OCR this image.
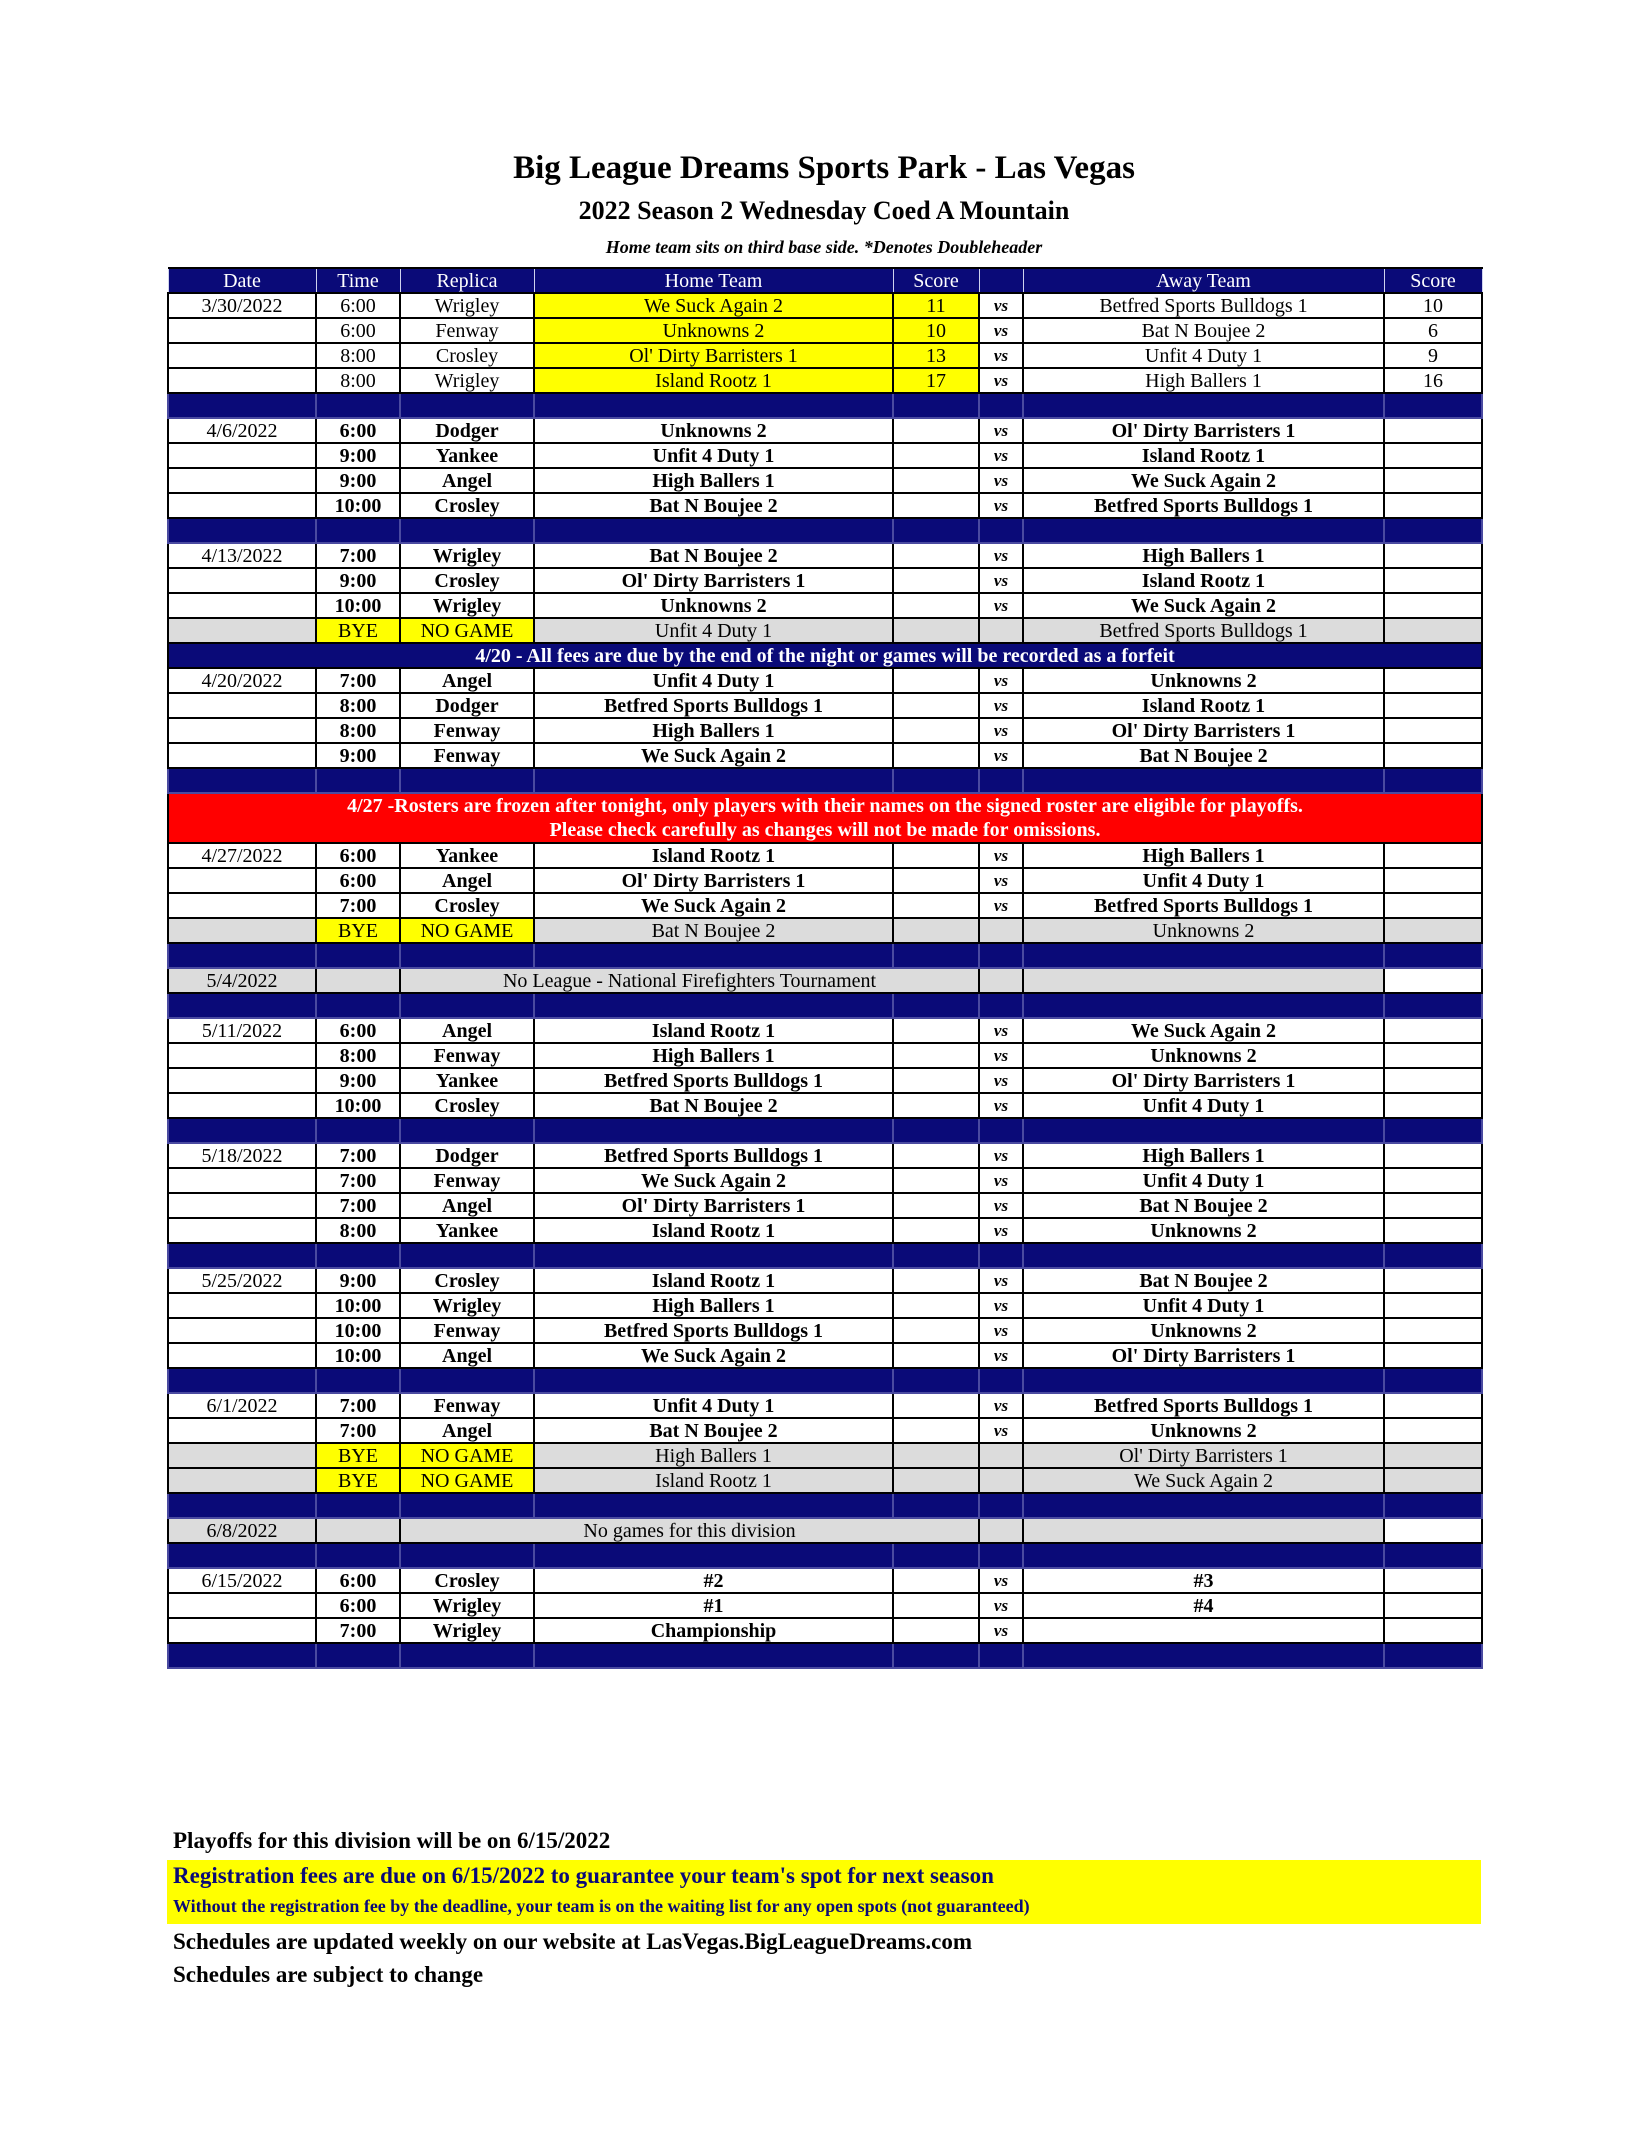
Big League Dreams Sports Park - Las Vegas
2022 Season 2 Wednesday Coed A Mountain
Home team sits on third base side. *Denotes Doubleheader
Date	Time	Replica	Home Team	Score		Away Team	Score
3/30/2022	6:00	Wrigley	We Suck Again 2	11	vs	Betfred Sports Bulldogs 1	10
	6:00	Fenway	Unknowns 2	10	vs	Bat N Boujee 2	6
	8:00	Crosley	Ol' Dirty Barristers 1	13	vs	Unfit 4 Duty 1	9
	8:00	Wrigley	Island Rootz 1	17	vs	High Ballers 1	16

4/6/2022	6:00	Dodger	Unknowns 2		vs	Ol' Dirty Barristers 1	
	9:00	Yankee	Unfit 4 Duty 1		vs	Island Rootz 1	
	9:00	Angel	High Ballers 1		vs	We Suck Again 2	
	10:00	Crosley	Bat N Boujee 2		vs	Betfred Sports Bulldogs 1	

4/13/2022	7:00	Wrigley	Bat N Boujee 2		vs	High Ballers 1	
	9:00	Crosley	Ol' Dirty Barristers 1		vs	Island Rootz 1	
	10:00	Wrigley	Unknowns 2		vs	We Suck Again 2	
	BYE	NO GAME	Unfit 4 Duty 1			Betfred Sports Bulldogs 1	
4/20 - All fees are due by the end of the night or games will be recorded as a forfeit							
4/20/2022	7:00	Angel	Unfit 4 Duty 1		vs	Unknowns 2	
	8:00	Dodger	Betfred Sports Bulldogs 1		vs	Island Rootz 1	
	8:00	Fenway	High Ballers 1		vs	Ol' Dirty Barristers 1	
	9:00	Fenway	We Suck Again 2		vs	Bat N Boujee 2	

4/27 -Rosters are frozen after tonight, only players with their names on the signed roster are eligible for playoffs.
Please check carefully as changes will not be made for omissions.							

4/27/2022	6:00	Yankee	Island Rootz 1		vs	High Ballers 1	
	6:00	Angel	Ol' Dirty Barristers 1		vs	Unfit 4 Duty 1	
	7:00	Crosley	We Suck Again 2		vs	Betfred Sports Bulldogs 1	
	BYE	NO GAME	Bat N Boujee 2			Unknowns 2	

5/4/2022		No League - National Firefighters Tournament					

5/11/2022	6:00	Angel	Island Rootz 1		vs	We Suck Again 2	
	8:00	Fenway	High Ballers 1		vs	Unknowns 2	
	9:00	Yankee	Betfred Sports Bulldogs 1		vs	Ol' Dirty Barristers 1	
	10:00	Crosley	Bat N Boujee 2		vs	Unfit 4 Duty 1	

5/18/2022	7:00	Dodger	Betfred Sports Bulldogs 1		vs	High Ballers 1	
	7:00	Fenway	We Suck Again 2		vs	Unfit 4 Duty 1	
	7:00	Angel	Ol' Dirty Barristers 1		vs	Bat N Boujee 2	
	8:00	Yankee	Island Rootz 1		vs	Unknowns 2	

5/25/2022	9:00	Crosley	Island Rootz 1		vs	Bat N Boujee 2	
	10:00	Wrigley	High Ballers 1		vs	Unfit 4 Duty 1	
	10:00	Fenway	Betfred Sports Bulldogs 1		vs	Unknowns 2	
	10:00	Angel	We Suck Again 2		vs	Ol' Dirty Barristers 1	

6/1/2022	7:00	Fenway	Unfit 4 Duty 1		vs	Betfred Sports Bulldogs 1	
	7:00	Angel	Bat N Boujee 2		vs	Unknowns 2	
	BYE	NO GAME	High Ballers 1			Ol' Dirty Barristers 1	
	BYE	NO GAME	Island Rootz 1			We Suck Again 2	

6/8/2022		No games for this division					

6/15/2022	6:00	Crosley	#2		vs	#3	
	6:00	Wrigley	#1		vs	#4	
	7:00	Wrigley	Championship		vs		

Playoffs for this division will be on 6/15/2022
Registration fees are due on 6/15/2022 to guarantee your team's spot for next season
Without the registration fee by the deadline, your team is on the waiting list for any open spots (not guaranteed)
Schedules are updated weekly on our website at LasVegas.BigLeagueDreams.com
Schedules are subject to change
